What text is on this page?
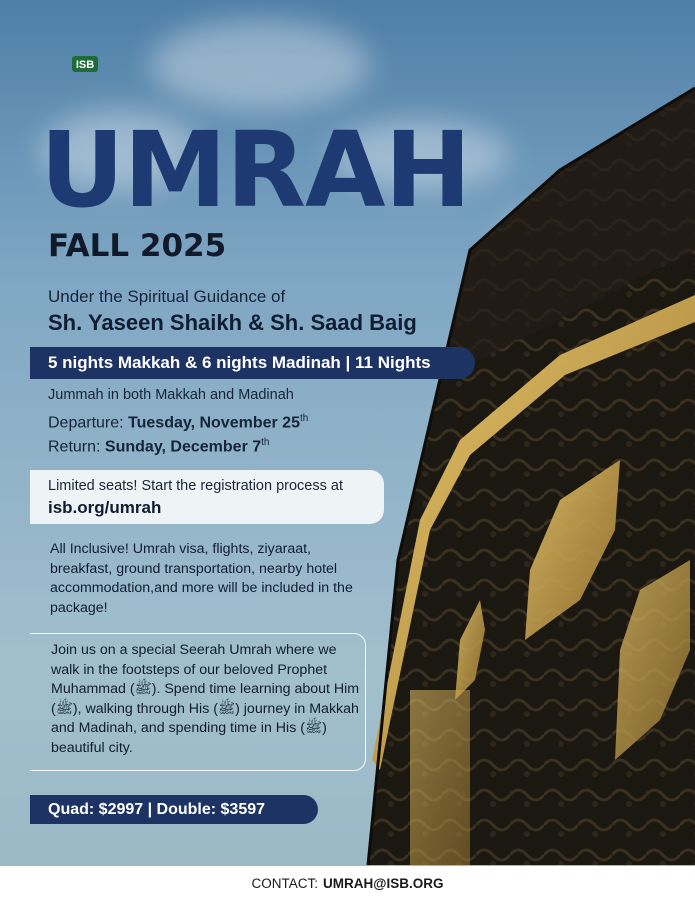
ISB
UMRAH
FALL 2025
Under the Spiritual Guidance of
Sh. Yaseen Shaikh & Sh. Saad Baig
5 nights Makkah & 6 nights Madinah | 11 Nights
Jummah in both Makkah and Madinah
Departure: Tuesday, November 25th
Return: Sunday, December 7th
Limited seats! Start the registration process at
isb.org/umrah
All Inclusive! Umrah visa, flights, ziyaraat, breakfast, ground transportation, nearby hotel accommodation,and more will be included in the package!
Join us on a special Seerah Umrah where we walk in the footsteps of our beloved Prophet Muhammad (ﷺ). Spend time learning about Him (ﷺ), walking through His (ﷺ) journey in Makkah and Madinah, and spending time in His (ﷺ) beautiful city.
Quad: $2997 | Double: $3597
CONTACT: UMRAH@ISB.ORG
